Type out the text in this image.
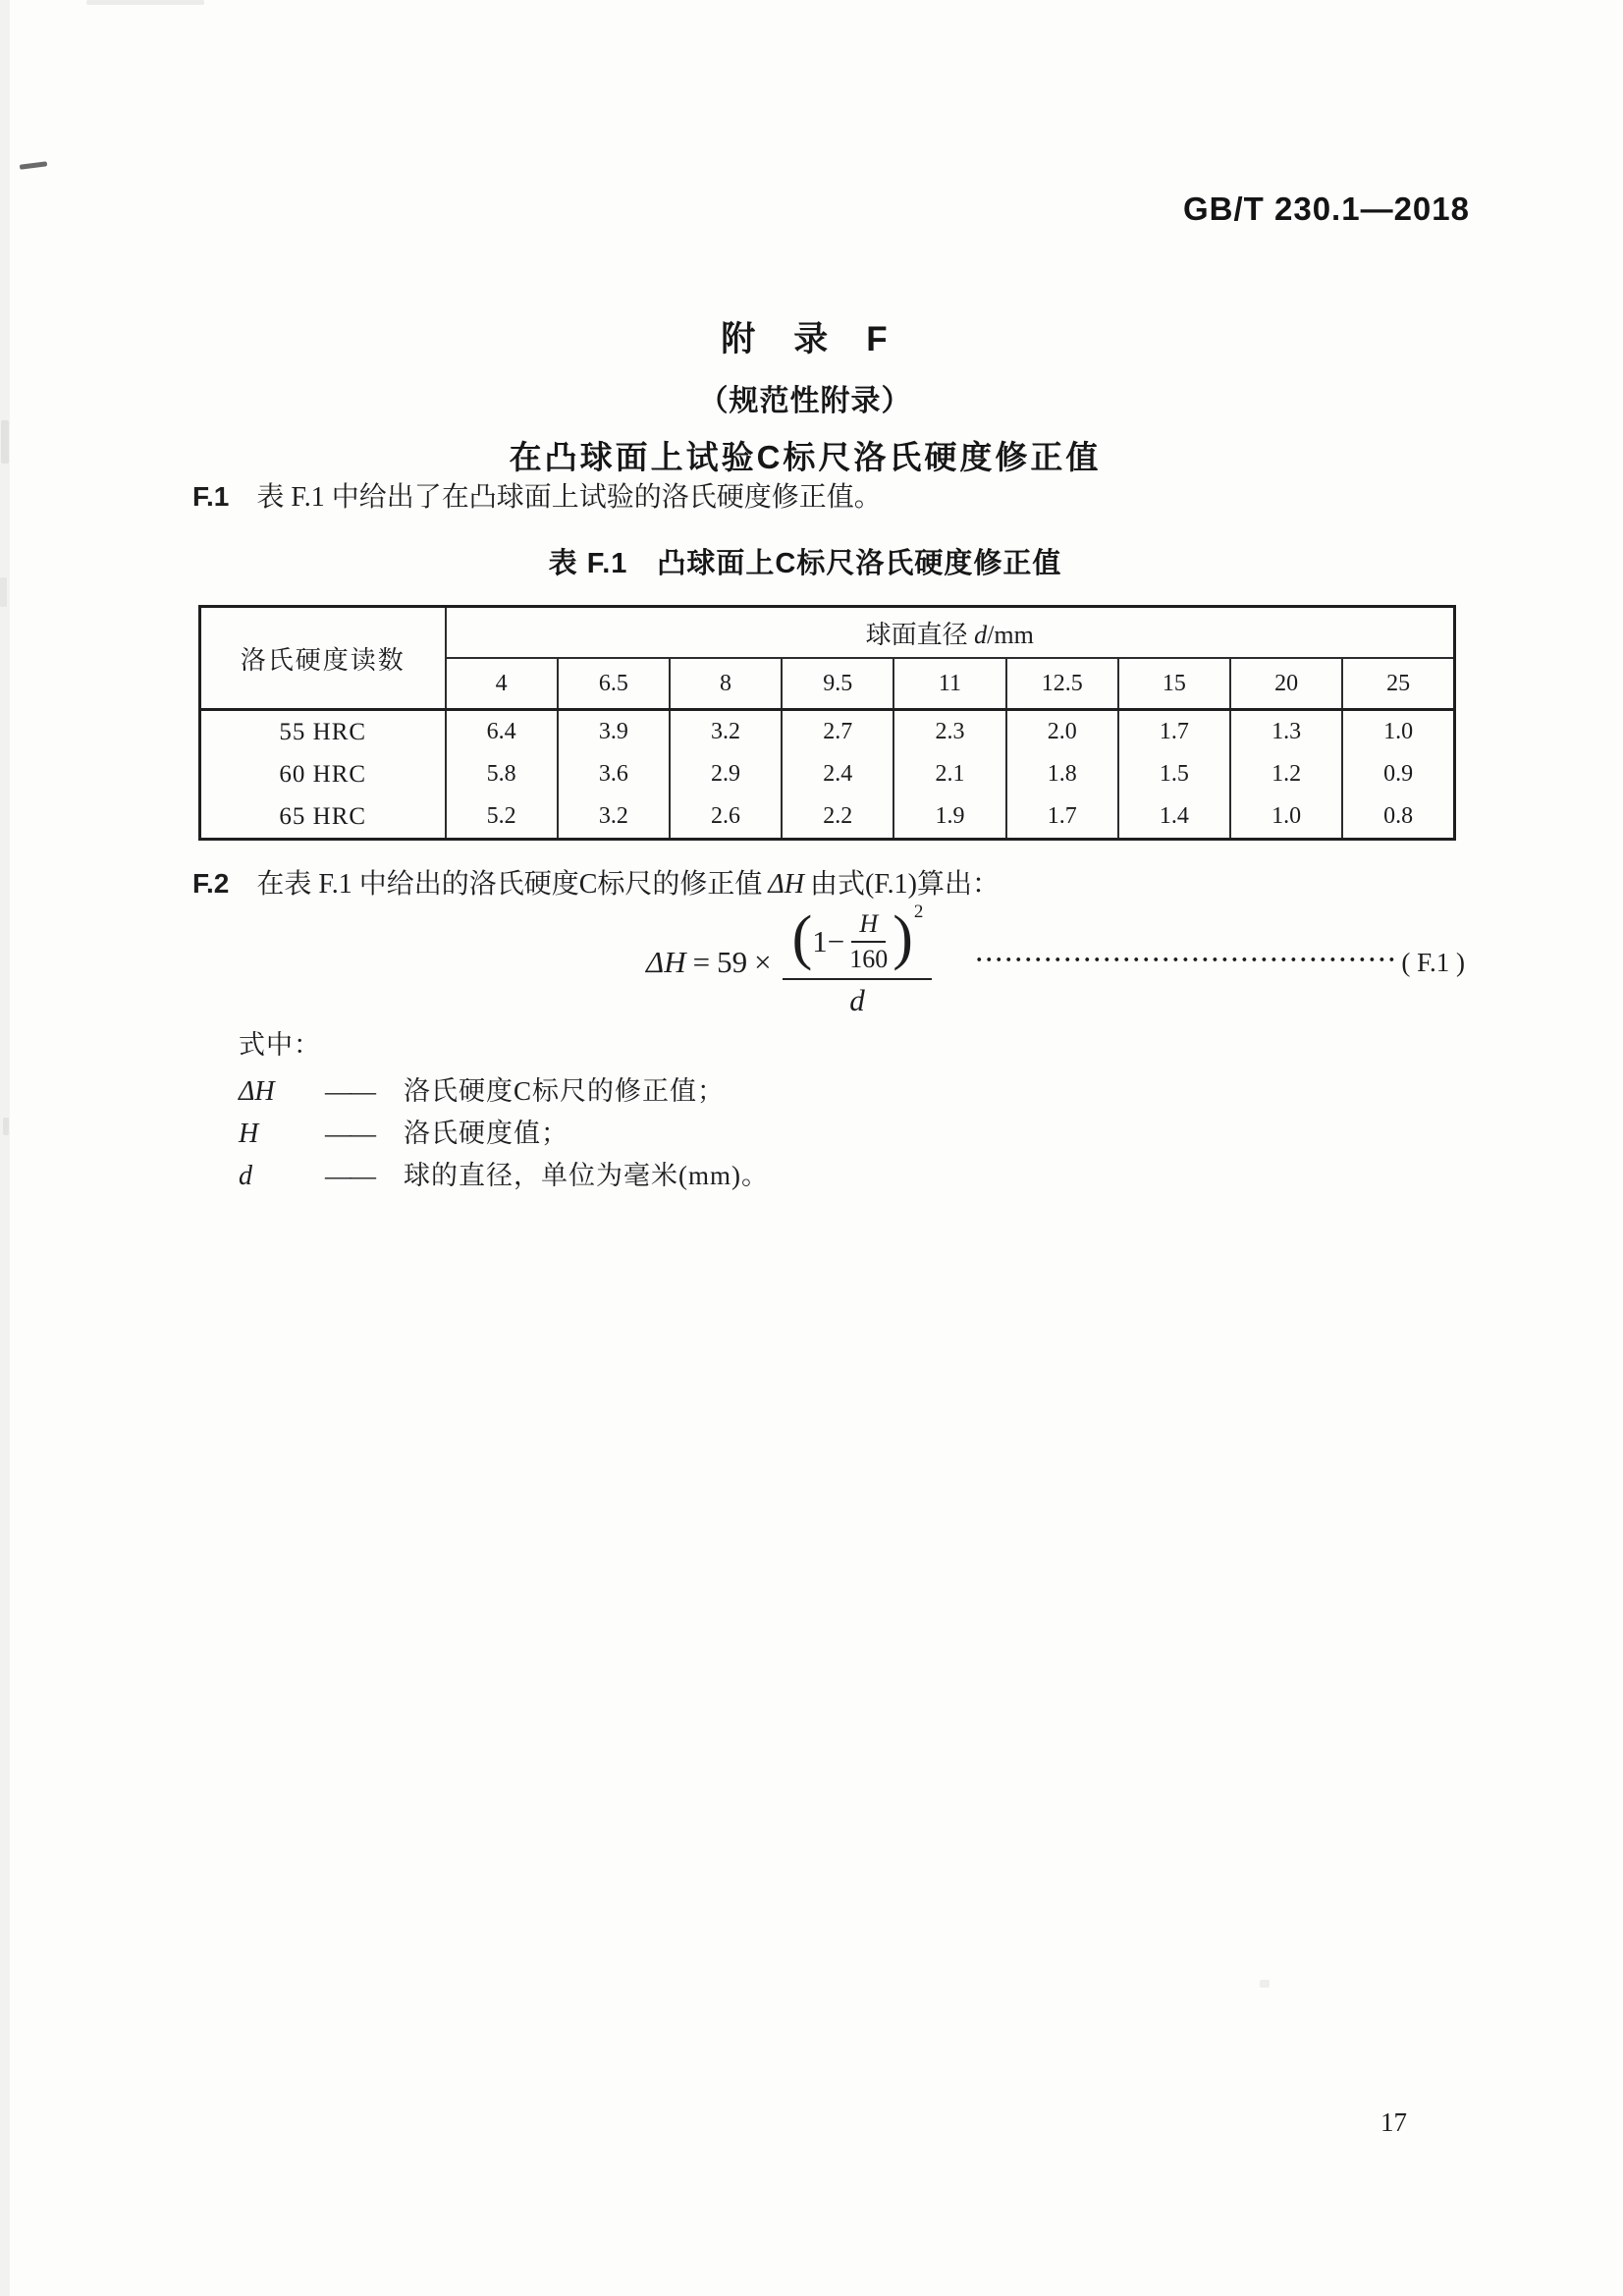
GB/T 230.1—2018
附　录　F
（规范性附录）
在凸球面上试验C标尺洛氏硬度修正值
F.1 表 F.1 中给出了在凸球面上试验的洛氏硬度修正值。
表 F.1　凸球面上C标尺洛氏硬度修正值
洛氏硬度读数	球面直径 d/mm								
	4	6.5	8	9.5	11	12.5	15	20	25
55 HRC	6.4	3.9	3.2	2.7	2.3	2.0	1.7	1.3	1.0
60 HRC	5.8	3.6	2.9	2.4	2.1	1.8	1.5	1.2	0.9
65 HRC	5.2	3.2	2.6	2.2	1.9	1.7	1.4	1.0	0.8
F.2 在表 F.1 中给出的洛氏硬度C标尺的修正值 ΔH 由式(F.1)算出：
ΔH = 59 × ( $1- \frac{H}{160}$ ) 2
d
··········································· ( F.1 )
式中：
ΔH	——	洛氏硬度C标尺的修正值；
H	——	洛氏硬度值；
d	——	球的直径，单位为毫米(mm)。
17
